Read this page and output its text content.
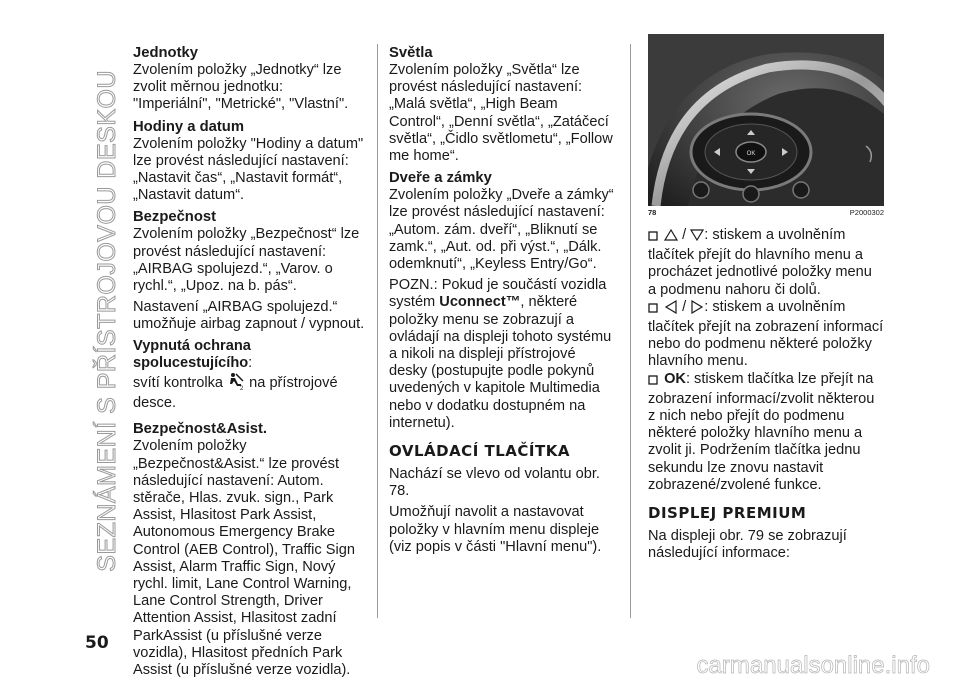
SEZNÁMENÍ S PŘÍSTROJOVOU DESKOU
Jednotky

Zvolením položky „Jednotky“ lze zvolit měrnou jednotku: "Imperiální", "Metrické", "Vlastní".

Hodiny a datum

Zvolením položky "Hodiny a datum" lze provést následující nastavení: „Nastavit čas“, „Nastavit formát“, „Nastavit datum“.

Bezpečnost

Zvolením položky „Bezpečnost“ lze provést následující nastavení: „AIRBAG spolujezd.“, „Varov. o rychl.“, „Upoz. na b. pás“.

Nastavení „AIRBAG spolujezd.“ umožňuje airbag zapnout / vypnout.

Vypnutá ochrana spolucestujícího:
svítí kontrolka	2 na přístrojové desce.

Bezpečnost&Asist.

Zvolením položky „Bezpečnost&Asist.“ lze provést následující nastavení: Autom. stěrače, Hlas. zvuk. sign., Park Assist, Hlasitost Park Assist, Autonomous Emergency Brake Control (AEB Control), Traffic Sign Assist, Alarm Traffic Sign, Nový rychl. limit, Lane Control Warning, Lane Control Strength, Driver Attention Assist, Hlasitost zadní ParkAssist (u příslušné verze vozidla), Hlasitost předních Park Assist (u příslušné verze vozidla).

Světla

Zvolením položky „Světla“ lze provést následující nastavení: „Malá světla“, „High Beam Control“, „Denní světla“, „Zatáčecí světla“, „Čidlo světlometu“, „Follow me home“.

Dveře a zámky

Zvolením položky „Dveře a zámky“ lze provést následující nastavení: „Autom. zám. dveří“, „Bliknutí se zamk.“, „Aut. od. při výst.“, „Dálk. odemknutí“, „Keyless Entry/Go“.

POZN.: Pokud je součástí vozidla systém Uconnect™, některé položky menu se zobrazují a ovládají na displeji tohoto systému a nikoli na displeji přístrojové desky (postupujte podle pokynů uvedených v kapitole Multimedia nebo v dodatku dostupném na internetu).

OVLÁDACÍ TLAČÍTKA

Nachází se vlevo od volantu obr. 78.

Umožňují navolit a nastavovat položky v hlavním menu displeje (viz popis v části "Hlavní menu").

OK
78	P2000302

/ : stiskem a uvolněním tlačítek přejít do hlavního menu a procházet jednotlivé položky menu a podmenu nahoru či dolů.

/ : stiskem a uvolněním tlačítek přejít na zobrazení informací nebo do podmenu některé položky hlavního menu.

OK: stiskem tlačítka lze přejít na zobrazení informací/zvolit některou z nich nebo přejít do podmenu některé položky hlavního menu a zvolit ji. Podržením tlačítka jednu sekundu lze znovu nastavit zobrazené/zvolené funkce.

DISPLEJ PREMIUM

Na displeji obr. 79 se zobrazují následující informace:

50
carmanualsonline.info
